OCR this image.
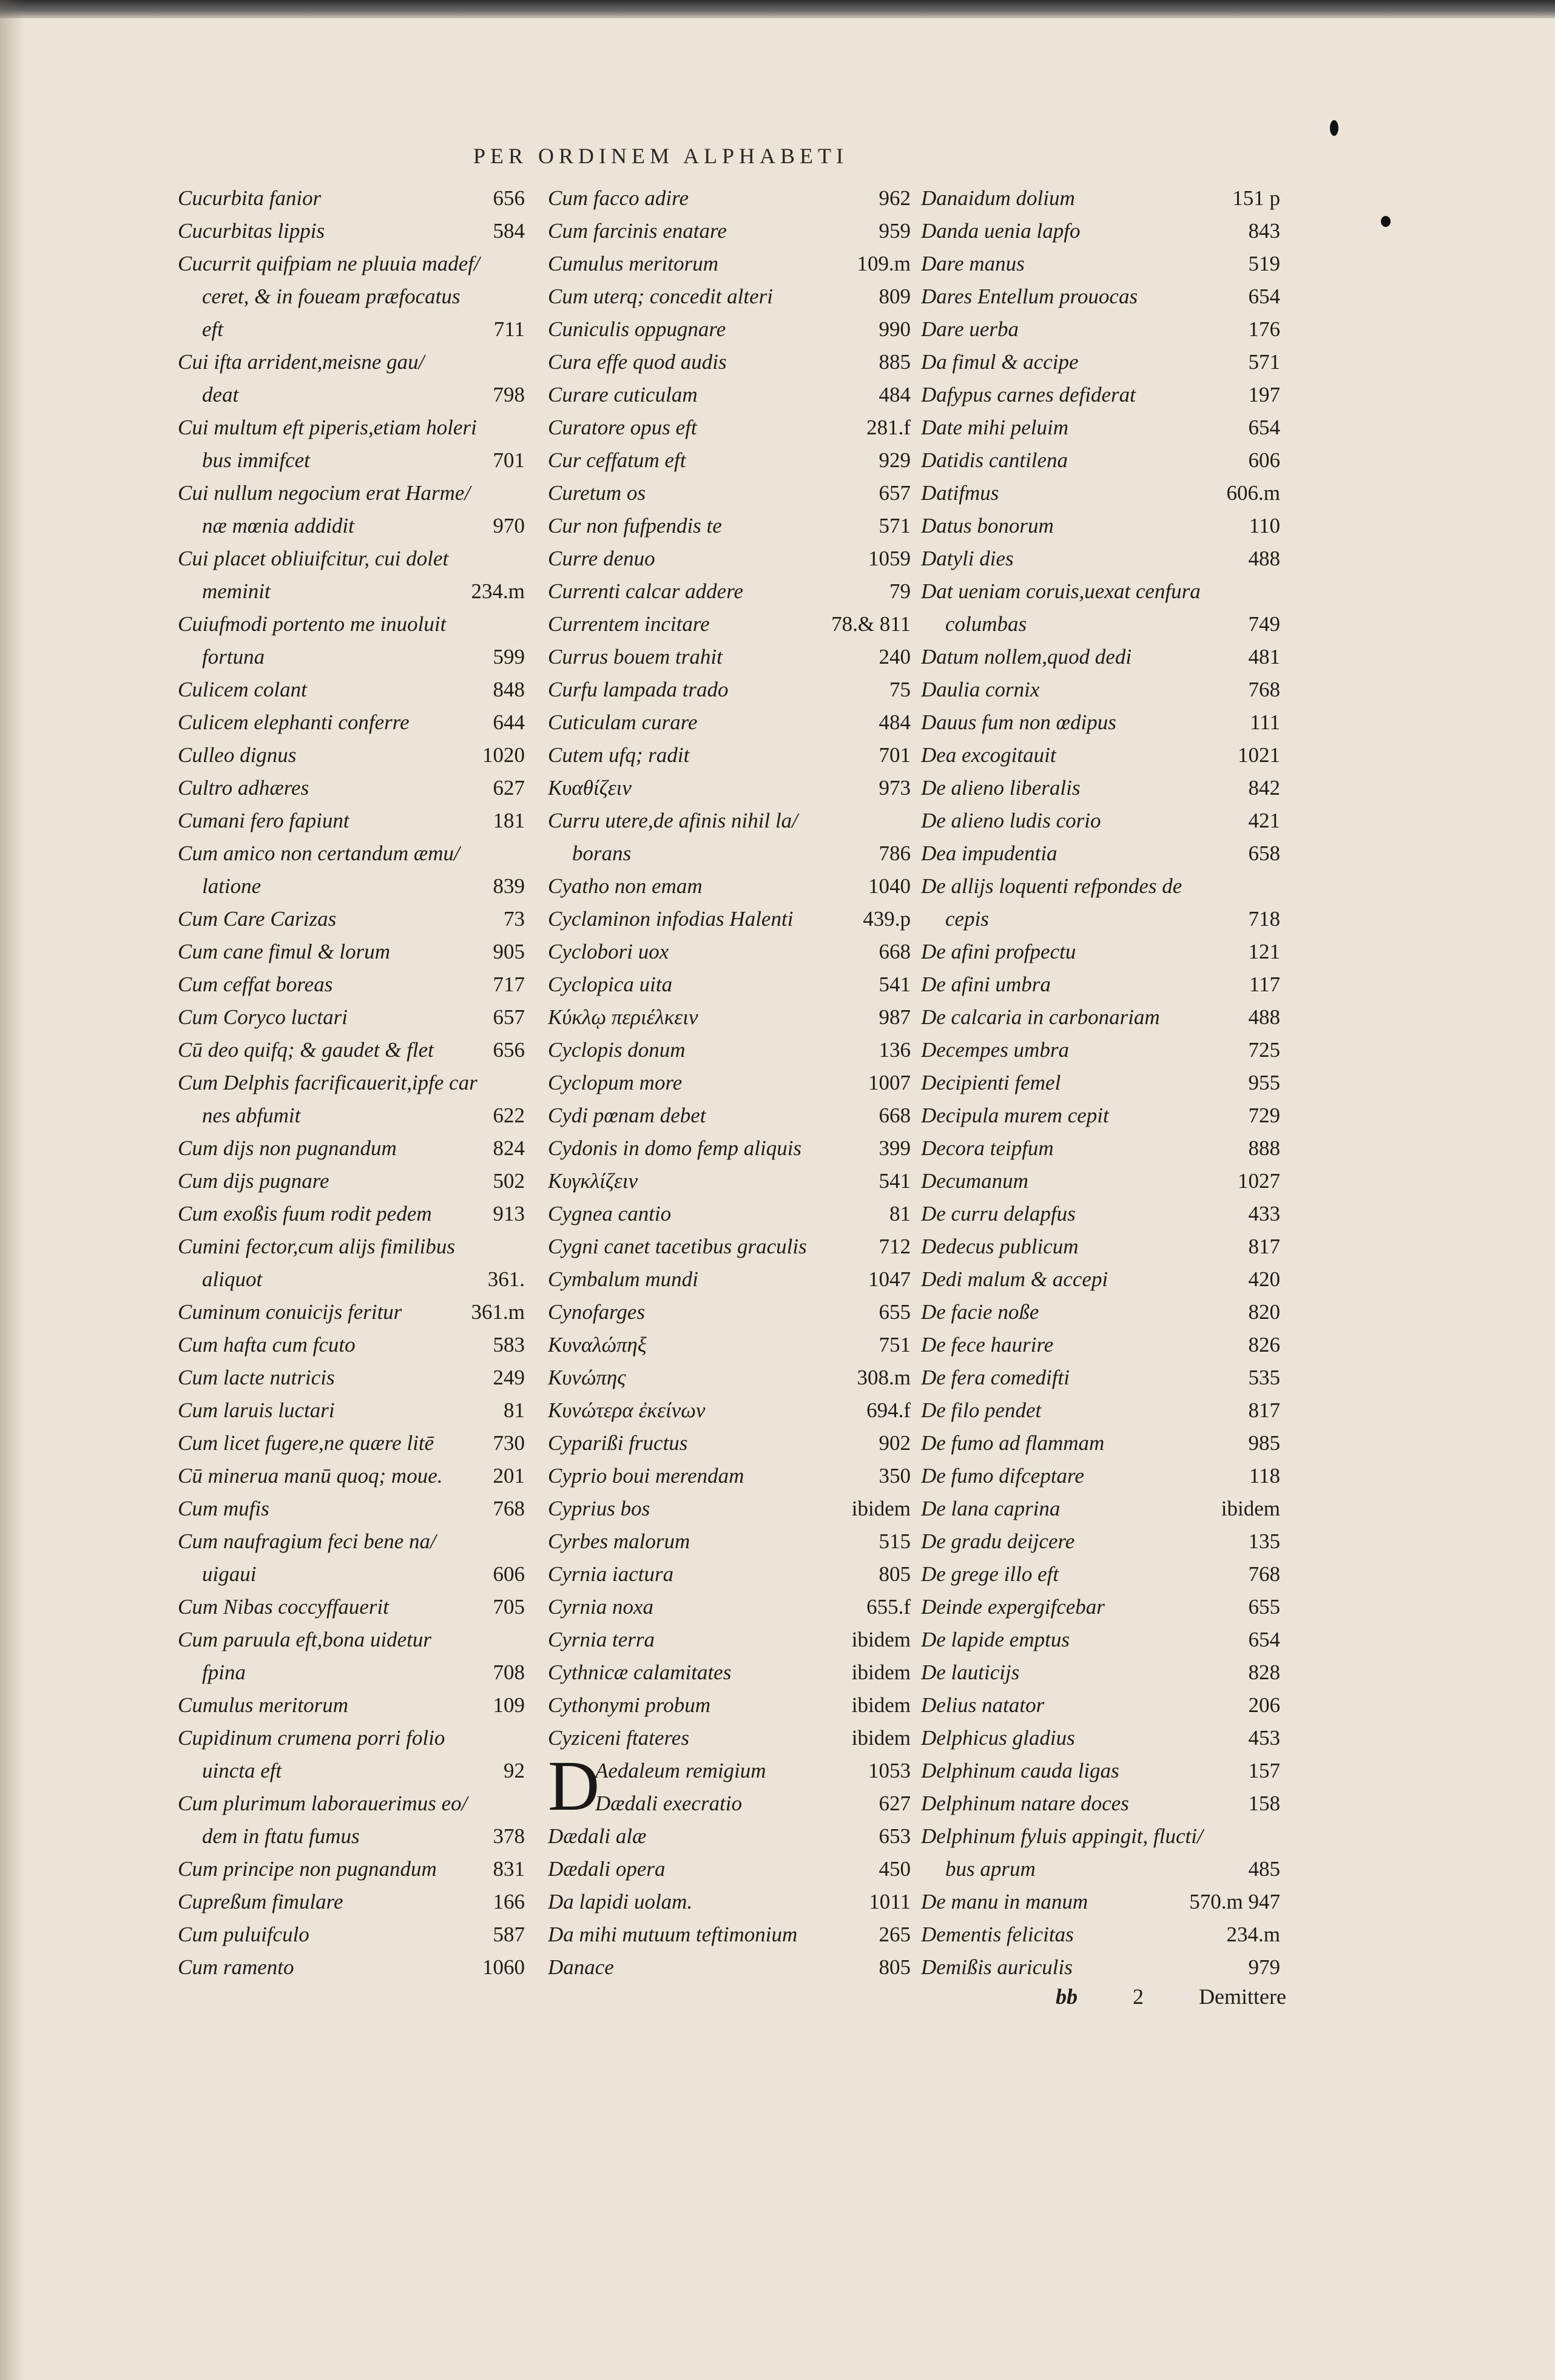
PER ORDINEM ALPHABETI
Cucurbita fanior	656
Cucurbitas lippis	584
Cucurrit quifpiam ne pluuia madef/
ceret, & in foueam præfocatus
eft	711
Cui ifta arrident,meisne gau/
deat	798
Cui multum eft piperis,etiam holeri
bus immifcet	701
Cui nullum negocium erat Harme/
næ mœnia addidit	970
Cui placet obliuifcitur, cui dolet
meminit	234.m
Cuiufmodi portento me inuoluit
fortuna	599
Culicem colant	848
Culicem elephanti conferre	644
Culleo dignus	1020
Cultro adhæres	627
Cumani fero fapiunt	181
Cum amico non certandum æmu/
latione	839
Cum Care Carizas	73
Cum cane fimul & lorum	905
Cum ceffat boreas	717
Cum Coryco luctari	657
Cū deo quifq; & gaudet & flet	656
Cum Delphis facrificauerit,ipfe car
nes abfumit	622
Cum dijs non pugnandum	824
Cum dijs pugnare	502
Cum exoßis fuum rodit pedem	913
Cumini fector,cum alijs fimilibus
aliquot	361.
Cuminum conuicijs feritur	361.m
Cum hafta cum fcuto	583
Cum lacte nutricis	249
Cum laruis luctari	81
Cum licet fugere,ne quære litē	730
Cū minerua manū quoq; moue.	201
Cum mufis	768
Cum naufragium feci bene na/
uigaui	606
Cum Nibas coccyffauerit	705
Cum paruula eft,bona uidetur
fpina	708
Cumulus meritorum	109
Cupidinum crumena porri folio
uincta eft	92
Cum plurimum laborauerimus eo/
dem in ftatu fumus	378
Cum principe non pugnandum	831
Cupreßum fimulare	166
Cum puluifculo	587
Cum ramento	1060
Cum facco adire	962
Cum farcinis enatare	959
Cumulus meritorum	109.m
Cum uterq; concedit alteri	809
Cuniculis oppugnare	990
Cura effe quod audis	885
Curare cuticulam	484
Curatore opus eft	281.f
Cur ceffatum eft	929
Curetum os	657
Cur non fufpendis te	571
Curre denuo	1059
Currenti calcar addere	79
Currentem incitare	78.& 811
Currus bouem trahit	240
Curfu lampada trado	75
Cuticulam curare	484
Cutem ufq; radit	701
Κυαθίζειν	973
Curru utere,de afinis nihil la/
borans	786
Cyatho non emam	1040
Cyclaminon infodias Halenti	439.p
Cyclobori uox	668
Cyclopica uita	541
Κύκλῳ περιέλκειν	987
Cyclopis donum	136
Cyclopum more	1007
Cydi pœnam debet	668
Cydonis in domo femp aliquis	399
Κυγκλίζειν	541
Cygnea cantio	81
Cygni canet tacetibus graculis	712
Cymbalum mundi	1047
Cynofarges	655
Κυναλώπηξ	751
Κυνώπης	308.m
Κυνώτερα ἐκείνων	694.f
Cyparißi fructus	902
Cyprio boui merendam	350
Cyprius bos	ibidem
Cyrbes malorum	515
Cyrnia iactura	805
Cyrnia noxa	655.f
Cyrnia terra	ibidem
Cythnicæ calamitates	ibidem
Cythonymi probum	ibidem
Cyziceni ftateres	ibidem
D
Aedaleum remigium	1053
Dædali execratio	627
Dædali alæ	653
Dædali opera	450
Da lapidi uolam.	1011
Da mihi mutuum teftimonium	265
Danace	805
Danaidum dolium	151 p
Danda uenia lapfo	843
Dare manus	519
Dares Entellum prouocas	654
Dare uerba	176
Da fimul & accipe	571
Dafypus carnes defiderat	197
Date mihi peluim	654
Datidis cantilena	606
Datifmus	606.m
Datus bonorum	110
Datyli dies	488
Dat ueniam coruis,uexat cenfura
columbas	749
Datum nollem,quod dedi	481
Daulia cornix	768
Dauus fum non œdipus	111
Dea excogitauit	1021
De alieno liberalis	842
De alieno ludis corio	421
Dea impudentia	658
De allijs loquenti refpondes de
cepis	718
De afini profpectu	121
De afini umbra	117
De calcaria in carbonariam	488
Decempes umbra	725
Decipienti femel	955
Decipula murem cepit	729
Decora teipfum	888
Decumanum	1027
De curru delapfus	433
Dedecus publicum	817
Dedi malum & accepi	420
De facie noße	820
De fece haurire	826
De fera comedifti	535
De filo pendet	817
De fumo ad flammam	985
De fumo difceptare	118
De lana caprina	ibidem
De gradu deijcere	135
De grege illo eft	768
Deinde expergifcebar	655
De lapide emptus	654
De lauticijs	828
Delius natator	206
Delphicus gladius	453
Delphinum cauda ligas	157
Delphinum natare doces	158
Delphinum fyluis appingit, flucti/
bus aprum	485
De manu in manum	570.m 947
Dementis felicitas	234.m
Demißis auriculis	979
bb	2	Demittere
